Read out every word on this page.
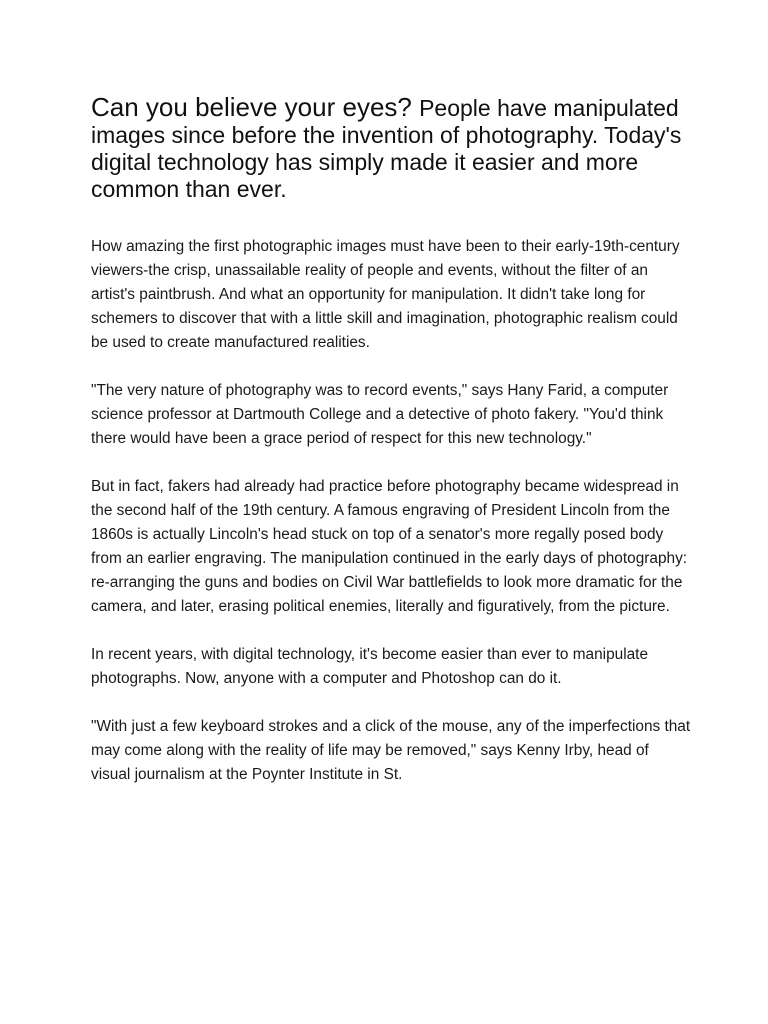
Can you believe your eyes? People have manipulated images since before the invention of photography. Today's digital technology has simply made it easier and more common than ever.

How amazing the first photographic images must have been to their early-19th-century viewers-the crisp, unassailable reality of people and events, without the filter of an artist's paintbrush. And what an opportunity for manipulation. It didn't take long for schemers to discover that with a little skill and imagination, photographic realism could be used to create manufactured realities.

"The very nature of photography was to record events," says Hany Farid, a computer science professor at Dartmouth College and a detective of photo fakery. "You'd think there would have been a grace period of respect for this new technology."

But in fact, fakers had already had practice before photography became widespread in the second half of the 19th century. A famous engraving of President Lincoln from the 1860s is actually Lincoln's head stuck on top of a senator's more regally posed body from an earlier engraving. The manipulation continued in the early days of photography: re-arranging the guns and bodies on Civil War battlefields to look more dramatic for the camera, and later, erasing political enemies, literally and figuratively, from the picture.

In recent years, with digital technology, it's become easier than ever to manipulate photographs. Now, anyone with a computer and Photoshop can do it.

"With just a few keyboard strokes and a click of the mouse, any of the imperfections that may come along with the reality of life may be removed," says Kenny Irby, head of visual journalism at the Poynter Institute in St.
